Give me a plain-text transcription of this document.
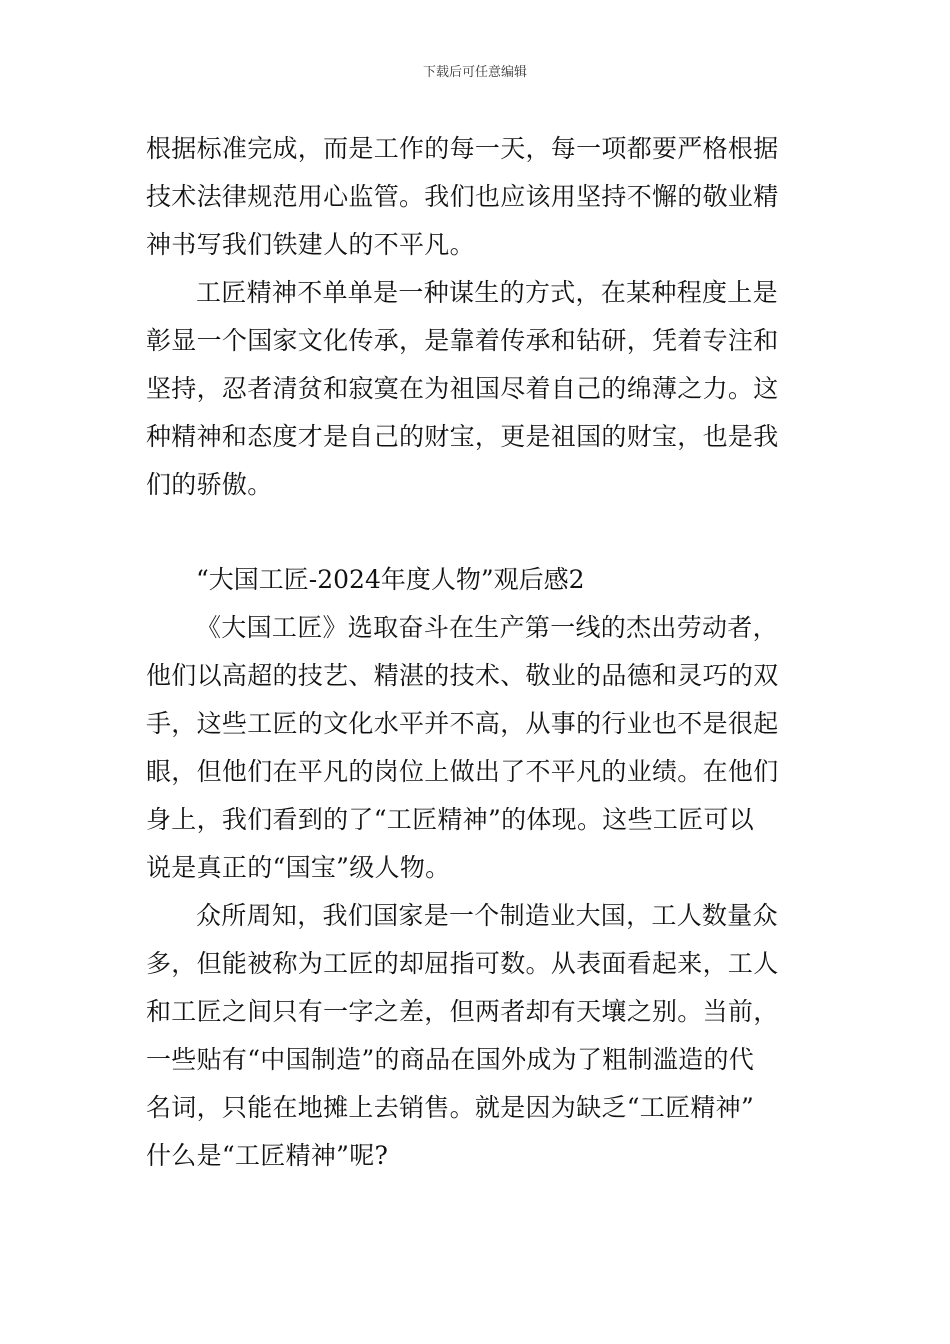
下载后可任意编辑
根据标准完成，而是工作的每一天，每一项都要严格根据
技术法律规范用心监管。我们也应该用坚持不懈的敬业精
神书写我们铁建人的不平凡。
工匠精神不单单是一种谋生的方式，在某种程度上是
彰显一个国家文化传承，是靠着传承和钻研，凭着专注和
坚持，忍者清贫和寂寞在为祖国尽着自己的绵薄之力。这
种精神和态度才是自己的财宝，更是祖国的财宝，也是我
们的骄傲。
“大国工匠-2024年度人物”观后感2
《大国工匠》选取奋斗在生产第一线的杰出劳动者，
他们以高超的技艺、精湛的技术、敬业的品德和灵巧的双
手，这些工匠的文化水平并不高，从事的行业也不是很起
眼，但他们在平凡的岗位上做出了不平凡的业绩。在他们
身上，我们看到的了“工匠精神”的体现。这些工匠可以
说是真正的“国宝”级人物。
众所周知，我们国家是一个制造业大国，工人数量众
多，但能被称为工匠的却屈指可数。从表面看起来，工人
和工匠之间只有一字之差，但两者却有天壤之别。当前，
一些贴有“中国制造”的商品在国外成为了粗制滥造的代
名词，只能在地摊上去销售。就是因为缺乏“工匠精神”
什么是“工匠精神”呢?
